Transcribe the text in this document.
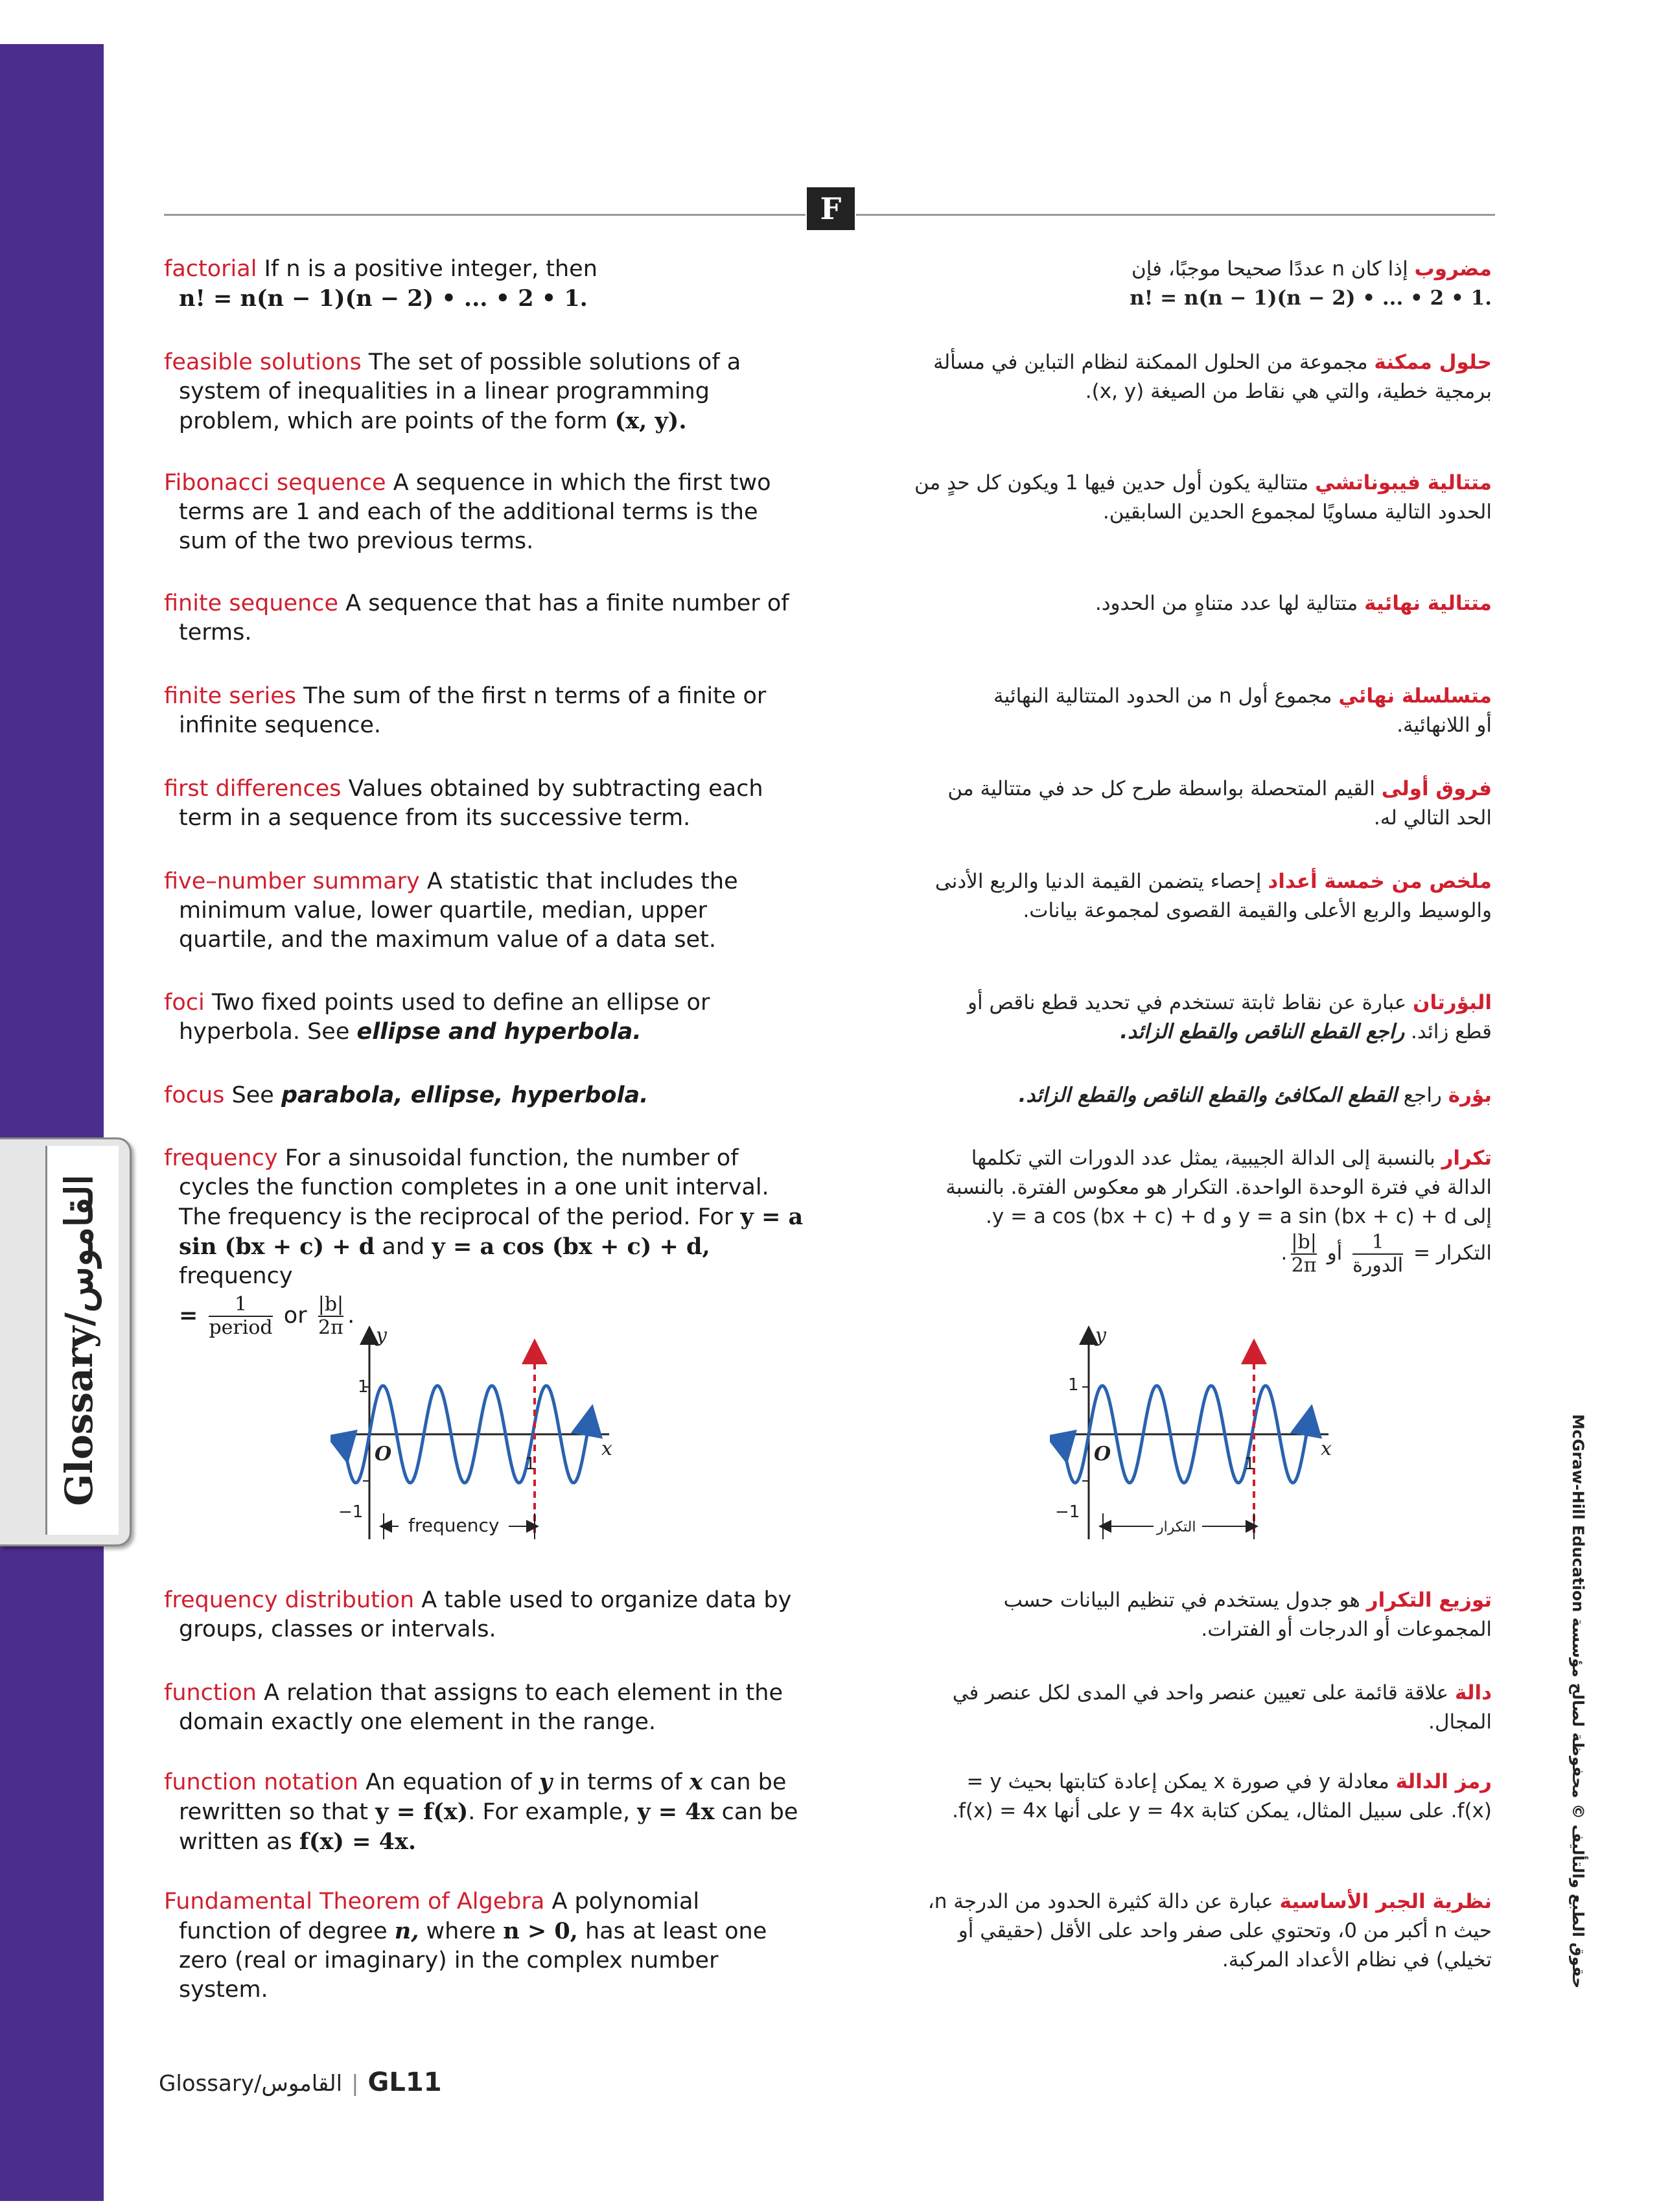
Glossary/القاموس
F
factorial If n is a positive integer, then
n! = n(n − 1)(n − 2) • ... • 2 • 1.
feasible solutions The set of possible solutions of a
system of inequalities in a linear programming
problem, which are points of the form (x, y).
Fibonacci sequence A sequence in which the first two
terms are 1 and each of the additional terms is the
sum of the two previous terms.
finite sequence A sequence that has a finite number of
terms.
finite series The sum of the first n terms of a finite or
infinite sequence.
first differences Values obtained by subtracting each
term in a sequence from its successive term.
five–number summary A statistic that includes the
minimum value, lower quartile, median, upper
quartile, and the maximum value of a data set.
foci Two fixed points used to define an ellipse or
hyperbola. See ellipse and hyperbola.
focus See parabola, ellipse, hyperbola.
frequency For a sinusoidal function, the number of
cycles the function completes in a one unit interval.
The frequency is the reciprocal of the period. For y = a
sin (bx + c) + d and y = a cos (bx + c) + d, frequency
= $\frac{1}{\text{period}}$ or $\frac{|b|}{2\pi}$ .
y
x
1
−1
O	1
frequency
frequency distribution A table used to organize data by
groups, classes or intervals.
function A relation that assigns to each element in the
domain exactly one element in the range.
function notation An equation of y in terms of x can be
rewritten so that y = f(x). For example, y = 4x can be
written as f(x) = 4x.
Fundamental Theorem of Algebra A polynomial
function of degree n, where n > 0, has at least one
zero (real or imaginary) in the complex number
system.
مضروب إذا كان n عددًا صحيحا موجبًا، فإن
n! = n(n − 1)(n − 2) • ... • 2 • 1.
حلول ممكنة مجموعة من الحلول الممكنة لنظام التباين في مسألة
برمجية خطية، والتي هي نقاط من الصيغة (x, y).
متتالية فيبوناتشي متتالية يكون أول حدين فيها 1 ويكون كل حدٍ من
الحدود التالية مساويًا لمجموع الحدين السابقين.
متتالية نهائية متتالية لها عدد متناهٍ من الحدود.
متسلسلة نهائي مجموع أول n من الحدود المتتالية النهائية
أو اللانهائية.
فروق أولى القيم المتحصلة بواسطة طرح كل حد في متتالية من
الحد التالي له.
ملخص من خمسة أعداد إحصاء يتضمن القيمة الدنيا والربع الأدنى
والوسيط والربع الأعلى والقيمة القصوى لمجموعة بيانات.
البؤرتان عبارة عن نقاط ثابتة تستخدم في تحديد قطع ناقص أو
قطع زائد. راجع القطع الناقص والقطع الزائد.
بؤرة راجع القطع المكافئ والقطع الناقص والقطع الزائد.
تكرار بالنسبة إلى الدالة الجيبية، يمثل عدد الدورات التي تكلمها
الدالة في فترة الوحدة الواحدة. التكرار هو معكوس الفترة. بالنسبة
إلى y = a sin (bx + c) + d و y = a cos (bx + c) + d.
التكرار =
$\frac{1}{\text{الدورة}}$
أو
$\frac{|b|}{2\pi}$
.
y
x
1
−1
O	1
التكرار
توزيع التكرار هو جدول يستخدم في تنظيم البيانات حسب
المجموعات أو الدرجات أو الفترات.
دالة علاقة قائمة على تعيين عنصر واحد في المدى لكل عنصر في
المجال.
رمز الدالة معادلة y في صورة x يمكن إعادة كتابتها بحيث y =
f(x). على سبيل المثال، يمكن كتابة y = 4x على أنها f(x) = 4x.
نظرية الجبر الأساسية عبارة عن دالة كثيرة الحدود من الدرجة n،
حيث n أكبر من 0، وتحتوي على صفر واحد على الأقل (حقيقي أو
تخيلي) في نظام الأعداد المركبة.
McGraw-Hill Education حقوق الطبع والتأليف © محفوظة لصالح مؤسسة
Glossary/القاموس | GL11
